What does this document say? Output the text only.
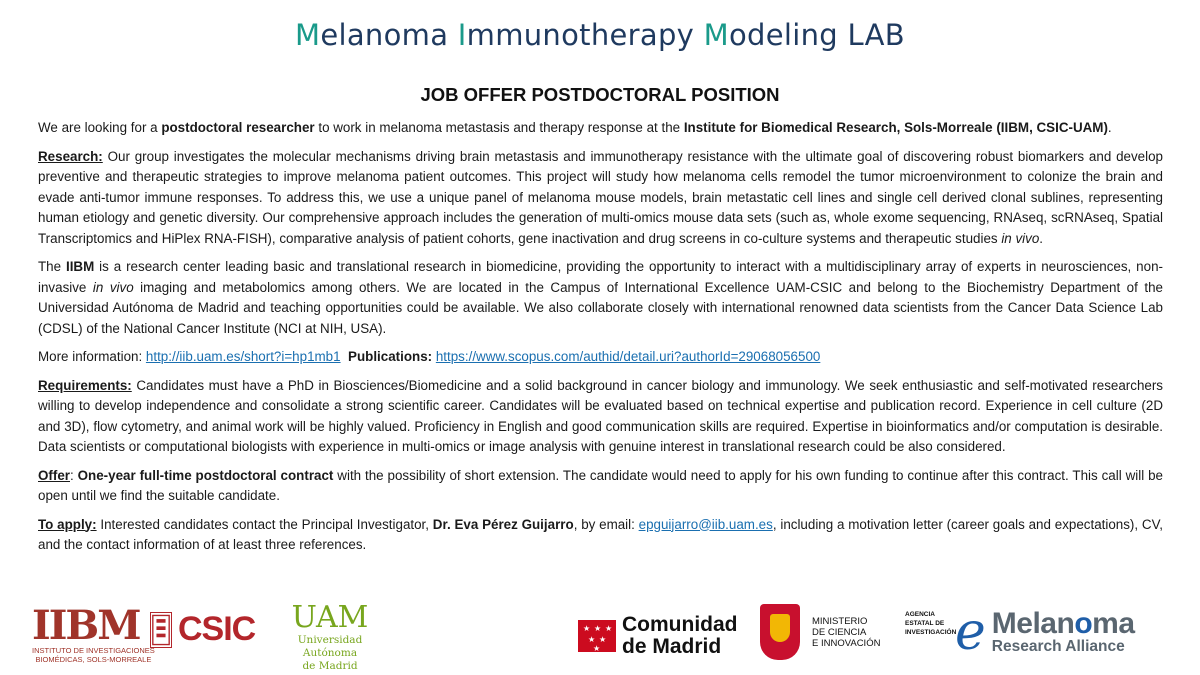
Melanoma Immunotherapy Modeling LAB
JOB OFFER POSTDOCTORAL POSITION

We are looking for a postdoctoral researcher to work in melanoma metastasis and therapy response at the Institute for Biomedical Research, Sols-Morreale (IIBM, CSIC-UAM).

Research: Our group investigates the molecular mechanisms driving brain metastasis and immunotherapy resistance with the ultimate goal of discovering robust biomarkers and develop preventive and therapeutic strategies to improve melanoma patient outcomes. This project will study how melanoma cells remodel the tumor microenvironment to colonize the brain and evade anti-tumor immune responses. To address this, we use a unique panel of melanoma mouse models, brain metastatic cell lines and single cell derived clonal sublines, representing human etiology and genetic diversity. Our comprehensive approach includes the generation of multi-omics mouse data sets (such as, whole exome sequencing, RNAseq, scRNAseq, Spatial Transcriptomics and HiPlex RNA-FISH), comparative analysis of patient cohorts, gene inactivation and drug screens in co-culture systems and therapeutic studies in vivo.

The IIBM is a research center leading basic and translational research in biomedicine, providing the opportunity to interact with a multidisciplinary array of experts in neurosciences, non-invasive in vivo imaging and metabolomics among others. We are located in the Campus of International Excellence UAM-CSIC and belong to the Biochemistry Department of the Universidad Autónoma de Madrid and teaching opportunities could be available. We also collaborate closely with international renowned data scientists from the Cancer Data Science Lab (CDSL) of the National Cancer Institute (NCI at NIH, USA).

More information: http://iib.uam.es/short?i=hp1mb1 Publications: https://www.scopus.com/authid/detail.uri?authorId=29068056500

Requirements: Candidates must have a PhD in Biosciences/Biomedicine and a solid background in cancer biology and immunology. We seek enthusiastic and self-motivated researchers willing to develop independence and consolidate a strong scientific career. Candidates will be evaluated based on technical expertise and publication record. Experience in cell culture (2D and 3D), flow cytometry, and animal work will be highly valued. Proficiency in English and good communication skills are required. Expertise in bioinformatics and/or computation is desirable. Data scientists or computational biologists with experience in multi-omics or image analysis with genuine interest in translational research could be also considered.

Offer: One-year full-time postdoctoral contract with the possibility of short extension. The candidate would need to apply for his own funding to continue after this contract. This call will be open until we find the suitable candidate.

To apply: Interested candidates contact the Principal Investigator, Dr. Eva Pérez Guijarro, by email: epguijarro@iib.uam.es, including a motivation letter (career goals and expectations), CV, and the contact information of at least three references.

IIBM
INSTITUTO DE INVESTIGACIONES
BIOMÉDICAS, SOLS-MORREALE
CSIC	UAM
Universidad Autónoma
de Madrid
★ ★ ★
★ ★
★
Comunidad
de Madrid
MINISTERIO
DE CIENCIA
E INNOVACIÓN
AGENCIA
ESTATAL DE
INVESTIGACIÓN
e Melanoma
Research Alliance
